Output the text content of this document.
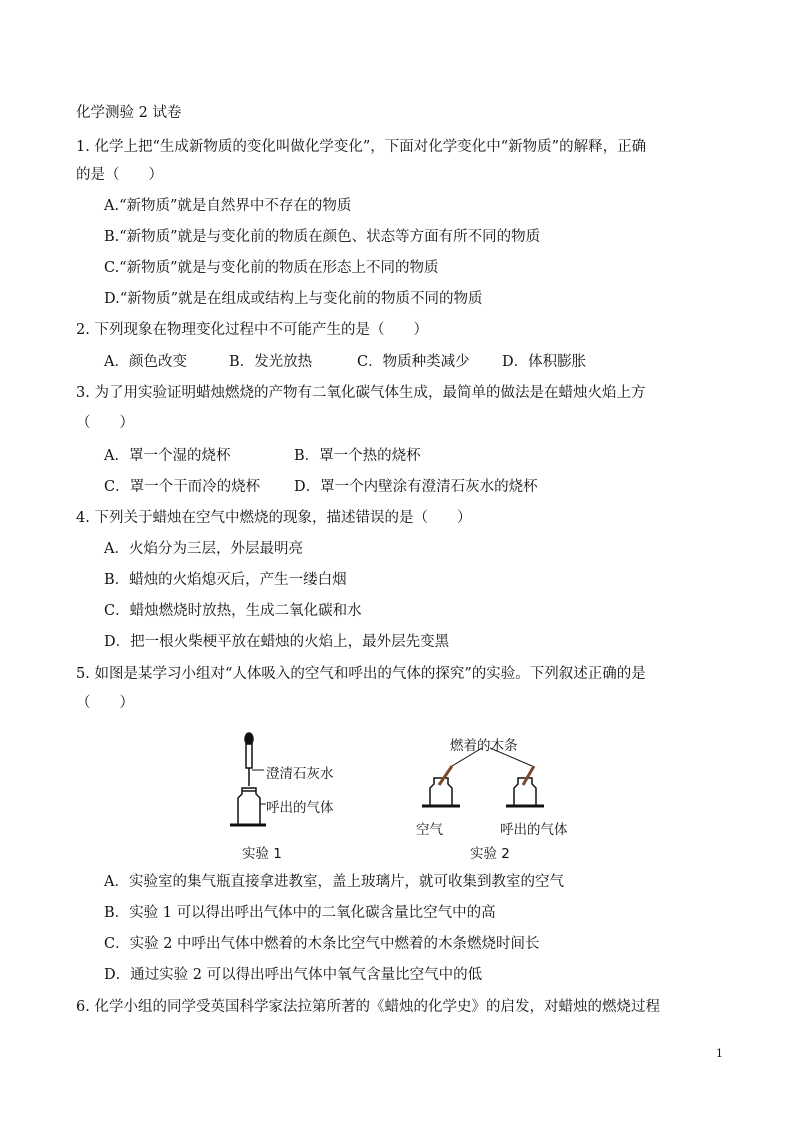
化学测验 2 试卷
1. 化学上把“生成新物质的变化叫做化学变化”，下面对化学变化中“新物质”的解释，正确
的是（　　）
A.“新物质”就是自然界中不存在的物质
B.“新物质”就是与变化前的物质在颜色、状态等方面有所不同的物质
C.“新物质”就是与变化前的物质在形态上不同的物质
D.“新物质”就是在组成或结构上与变化前的物质不同的物质
2. 下列现象在物理变化过程中不可能产生的是（　　）
A．颜色改变	B．发光放热	C．物质种类减少 D．体积膨胀
3. 为了用实验证明蜡烛燃烧的产物有二氧化碳气体生成，最简单的做法是在蜡烛火焰上方
（　　）
A．罩一个湿的烧杯	B．罩一个热的烧杯
C．罩一个干而冷的烧杯 D．罩一个内壁涂有澄清石灰水的烧杯
4. 下列关于蜡烛在空气中燃烧的现象，描述错误的是（　　）
A．火焰分为三层，外层最明亮
B．蜡烛的火焰熄灭后，产生一缕白烟
C．蜡烛燃烧时放热，生成二氧化碳和水
D．把一根火柴梗平放在蜡烛的火焰上，最外层先变黑
5. 如图是某学习小组对“人体吸入的空气和呼出的气体的探究”的实验。下列叙述正确的是
（　　）
澄清石灰水
呼出的气体
实验 1
燃着的木条
空气	呼出的气体
实验 2
A．实验室的集气瓶直接拿进教室，盖上玻璃片，就可收集到教室的空气
B．实验 1 可以得出呼出气体中的二氧化碳含量比空气中的高
C．实验 2 中呼出气体中燃着的木条比空气中燃着的木条燃烧时间长
D．通过实验 2 可以得出呼出气体中氧气含量比空气中的低
6. 化学小组的同学受英国科学家法拉第所著的《蜡烛的化学史》的启发，对蜡烛的燃烧过程
1
